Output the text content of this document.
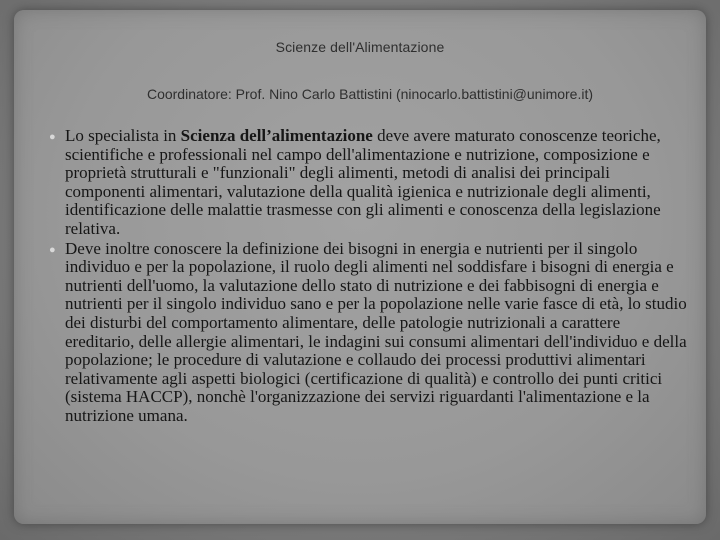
Scienze dell'Alimentazione
Coordinatore: Prof. Nino Carlo Battistini (ninocarlo.battistini@unimore.it)

● Lo specialista in Scienza dell’alimentazione deve avere maturato conoscenze teoriche, scientifiche e professionali nel campo dell'alimentazione e nutrizione, composizione e proprietà strutturali e "funzionali" degli alimenti, metodi di analisi dei principali componenti alimentari, valutazione della qualità igienica e nutrizionale degli alimenti, identificazione delle malattie trasmesse con gli alimenti e conoscenza della legislazione relativa.

● Deve inoltre conoscere la definizione dei bisogni in energia e nutrienti per il singolo individuo e per la popolazione, il ruolo degli alimenti nel soddisfare i bisogni di energia e nutrienti dell'uomo, la valutazione dello stato di nutrizione e dei fabbisogni di energia e nutrienti per il singolo individuo sano e per la popolazione nelle varie fasce di età, lo studio dei disturbi del comportamento alimentare, delle patologie nutrizionali a carattere ereditario, delle allergie alimentari, le indagini sui consumi alimentari dell'individuo e della popolazione; le procedure di valutazione e collaudo dei processi produttivi alimentari relativamente agli aspetti biologici (certificazione di qualità) e controllo dei punti critici (sistema HACCP), nonchè l'organizzazione dei servizi riguardanti l'alimentazione e la nutrizione umana.
